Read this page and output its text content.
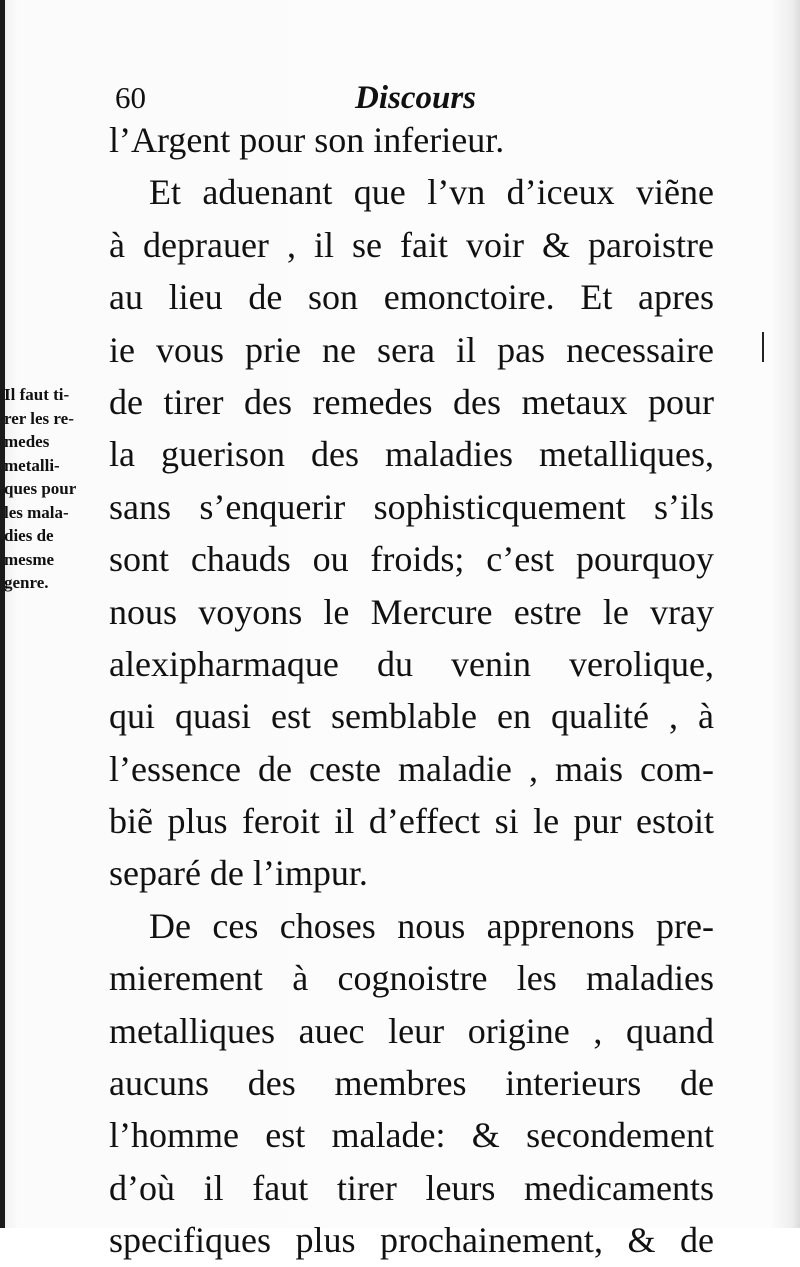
60	Discours
l’Argent pour son inferieur.
Et aduenant que l’vn d’iceux viẽne
à deprauer , il se fait voir & paroistre
au lieu de son emonctoire. Et apres
ie vous prie ne sera il pas necessaire
de tirer des remedes des metaux pour
la guerison des maladies metalliques,
sans s’enquerir sophisticquement s’ils
sont chauds ou froids; c’est pourquoy
nous voyons le Mercure estre le vray
alexipharmaque du venin verolique,
qui quasi est semblable en qualité , à
l’essence de ceste maladie , mais com-
biẽ plus feroit il d’effect si le pur estoit
separé de l’impur.
De ces choses nous apprenons pre-
mierement à cognoistre les maladies
metalliques auec leur origine , quand
aucuns des membres interieurs de
l’homme est malade: & secondement
d’où il faut tirer leurs medicaments
specifiques plus prochainement, & de
Il faut ti-
rer les re-
medes
metalli-
ques pour
les mala-
dies de
mesme
genre.
